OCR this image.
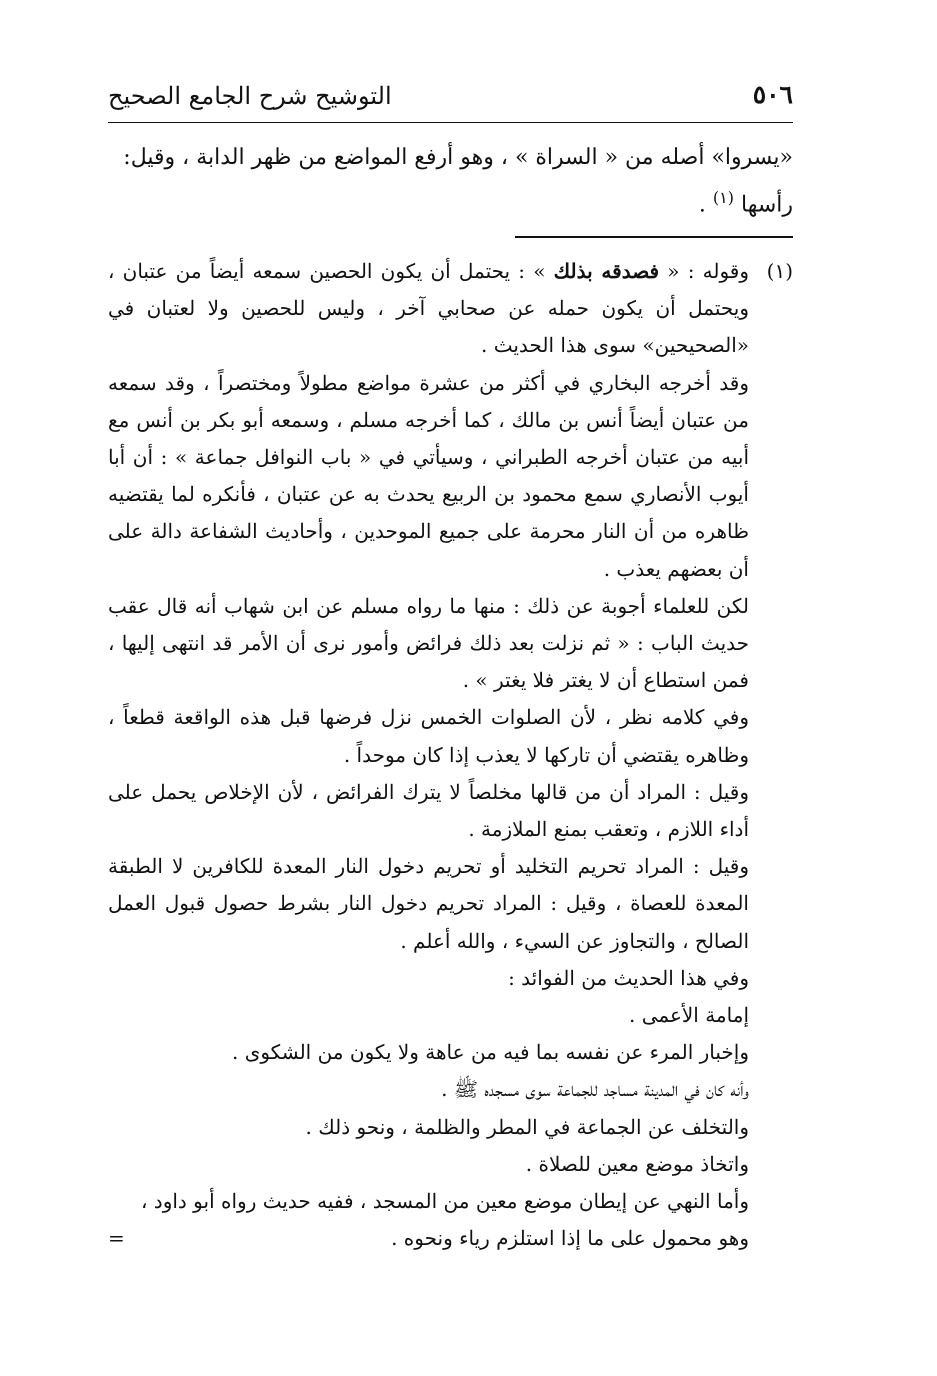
٥٠٦
التوشيح شرح الجامع الصحيح

«يسروا» أصله من « السراة » ، وهو أرفع المواضع من ظهر الدابة ، وقيل:

رأسها $^{(١)}$ .

(١)وقوله : « فصدقه بذلك » : يحتمل أن يكون الحصين سمعه أيضاً من عتبان ، ويحتمل أن يكون حمله عن صحابي آخر ، وليس للحصين ولا لعتبان في «الصحيحين» سوى هذا الحديث .

وقد أخرجه البخاري في أكثر من عشرة مواضع مطولاً ومختصراً ، وقد سمعه من عتبان أيضاً أنس بن مالك ، كما أخرجه مسلم ، وسمعه أبو بكر بن أنس مع أبيه من عتبان أخرجه الطبراني ، وسيأتي في « باب النوافل جماعة » : أن أبا أيوب الأنصاري سمع محمود بن الربيع يحدث به عن عتبان ، فأنكره لما يقتضيه ظاهره من أن النار محرمة على جميع الموحدين ، وأحاديث الشفاعة دالة على أن بعضهم يعذب .

لكن للعلماء أجوبة عن ذلك : منها ما رواه مسلم عن ابن شهاب أنه قال عقب حديث الباب : « ثم نزلت بعد ذلك فرائض وأمور نرى أن الأمر قد انتهى إليها ، فمن استطاع أن لا يغتر فلا يغتر » .

وفي كلامه نظر ، لأن الصلوات الخمس نزل فرضها قبل هذه الواقعة قطعاً ، وظاهره يقتضي أن تاركها لا يعذب إذا كان موحداً .

وقيل : المراد أن من قالها مخلصاً لا يترك الفرائض ، لأن الإخلاص يحمل على أداء اللازم ، وتعقب بمنع الملازمة .

وقيل : المراد تحريم التخليد أو تحريم دخول النار المعدة للكافرين لا الطبقة المعدة للعصاة ، وقيل : المراد تحريم دخول النار بشرط حصول قبول العمل الصالح ، والتجاوز عن السيء ، والله أعلم .

وفي هذا الحديث من الفوائد :

إمامة الأعمى .

وإخبار المرء عن نفسه بما فيه من عاهة ولا يكون من الشكوى .

وأنه كان في المدينة مساجد للجماعة سوى مسجده ﷺ .

والتخلف عن الجماعة في المطر والظلمة ، ونحو ذلك .

واتخاذ موضع معين للصلاة .

وأما النهي عن إيطان موضع معين من المسجد ، ففيه حديث رواه أبو داود ،

وهو محمول على ما إذا استلزم رياء ونحوه .

=
